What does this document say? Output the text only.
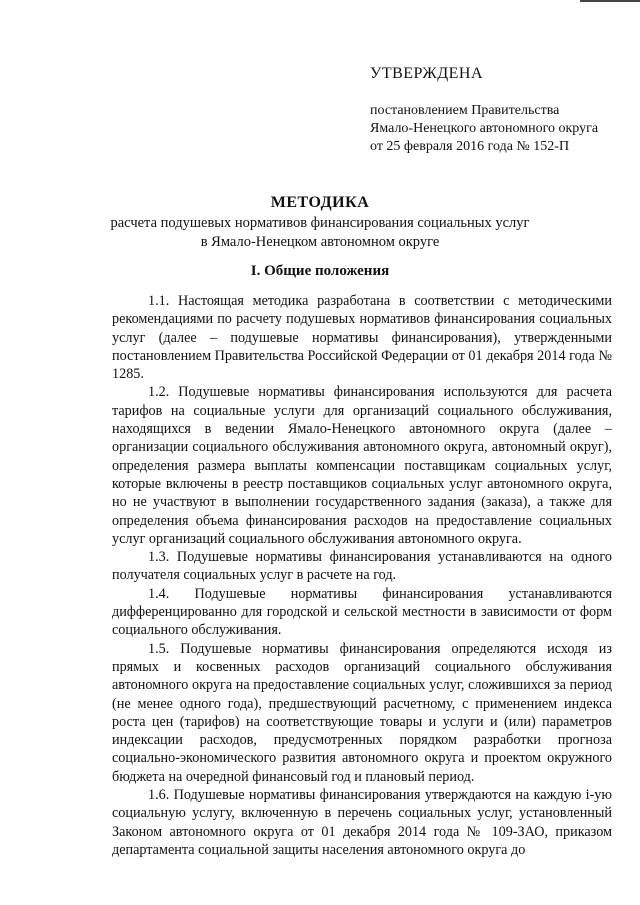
УТВЕРЖДЕНА
постановлением Правительства
Ямало-Ненецкого автономного округа
от 25 февраля 2016 года № 152-П
МЕТОДИКА
расчета подушевых нормативов финансирования социальных услуг
в Ямало-Ненецком автономном округе
I. Общие положения

1.1. Настоящая методика разработана в соответствии с методическими рекомендациями по расчету подушевых нормативов финансирования социальных услуг (далее – подушевые нормативы финансирования), утвержденными постановлением Правительства Российской Федерации от 01 декабря 2014 года № 1285.

1.2. Подушевые нормативы финансирования используются для расчета тарифов на социальные услуги для организаций социального обслуживания, находящихся в ведении Ямало-Ненецкого автономного округа (далее – организации социального обслуживания автономного округа, автономный округ), определения размера выплаты компенсации поставщикам социальных услуг, которые включены в реестр поставщиков социальных услуг автономного округа, но не участвуют в выполнении государственного задания (заказа), а также для определения объема финансирования расходов на предоставление социальных услуг организаций социального обслуживания автономного округа.

1.3. Подушевые нормативы финансирования устанавливаются на одного получателя социальных услуг в расчете на год.

1.4. Подушевые нормативы финансирования устанавливаются дифференцированно для городской и сельской местности в зависимости от форм социального обслуживания.

1.5. Подушевые нормативы финансирования определяются исходя из прямых и косвенных расходов организаций социального обслуживания автономного округа на предоставление социальных услуг, сложившихся за период (не менее одного года), предшествующий расчетному, с применением индекса роста цен (тарифов) на соответствующие товары и услуги и (или) параметров индексации расходов, предусмотренных порядком разработки прогноза социально-экономического развития автономного округа и проектом окружного бюджета на очередной финансовый год и плановый период.

1.6. Подушевые нормативы финансирования утверждаются на каждую i-ую социальную услугу, включенную в перечень социальных услуг, установленный Законом автономного округа от 01 декабря 2014 года № 109-ЗАО, приказом департамента социальной защиты населения автономного округа до
